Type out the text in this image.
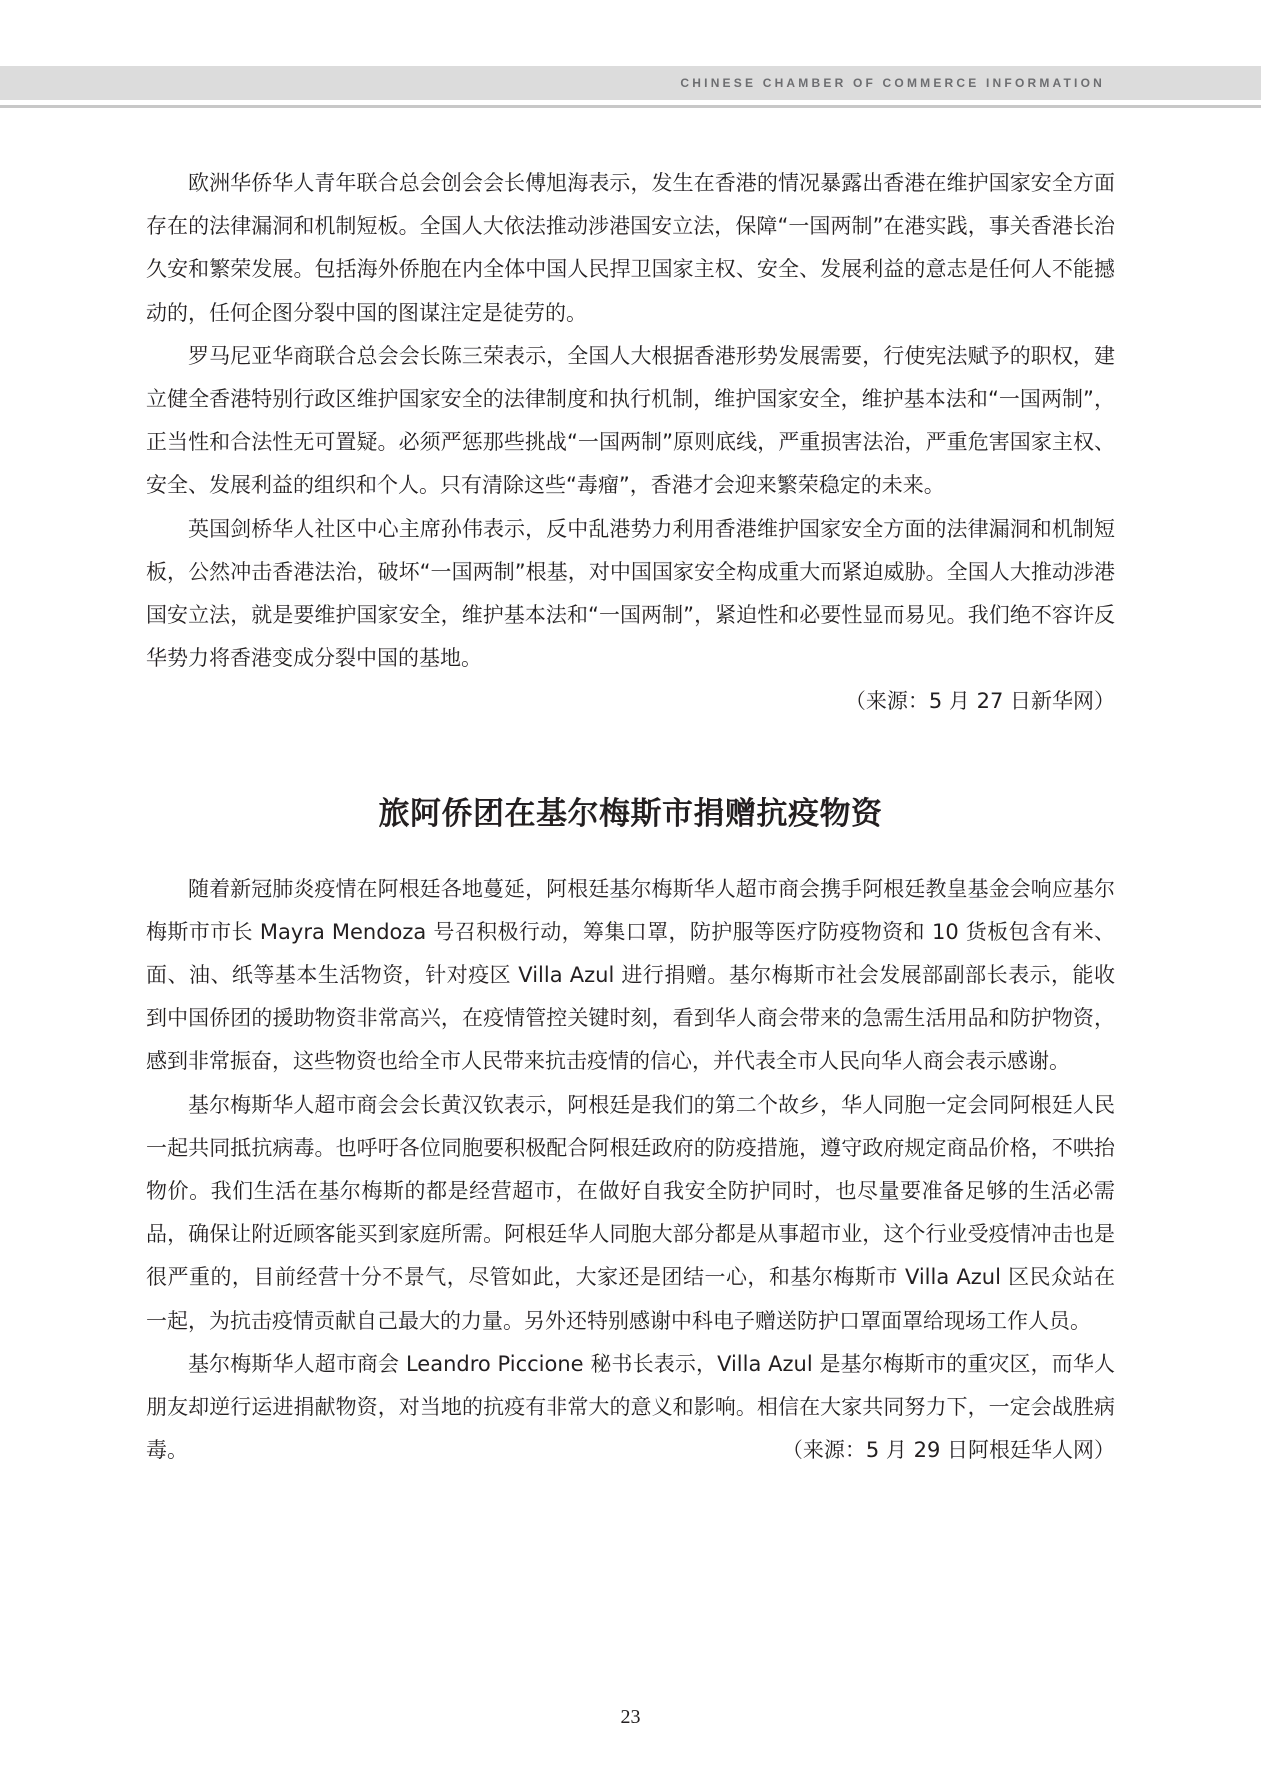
CHINESE CHAMBER OF COMMERCE INFORMATION

欧洲华侨华人青年联合总会创会会长傅旭海表示，发生在香港的情况暴露出香港在维护国家安全方面存在的法律漏洞和机制短板。全国人大依法推动涉港国安立法，保障“一国两制”在港实践，事关香港长治久安和繁荣发展。包括海外侨胞在内全体中国人民捍卫国家主权、安全、发展利益的意志是任何人不能撼动的，任何企图分裂中国的图谋注定是徒劳的。

罗马尼亚华商联合总会会长陈三荣表示，全国人大根据香港形势发展需要，行使宪法赋予的职权，建立健全香港特别行政区维护国家安全的法律制度和执行机制，维护国家安全，维护基本法和“一国两制”，正当性和合法性无可置疑。必须严惩那些挑战“一国两制”原则底线，严重损害法治，严重危害国家主权、安全、发展利益的组织和个人。只有清除这些“毒瘤”，香港才会迎来繁荣稳定的未来。

英国剑桥华人社区中心主席孙伟表示，反中乱港势力利用香港维护国家安全方面的法律漏洞和机制短板，公然冲击香港法治，破坏“一国两制”根基，对中国国家安全构成重大而紧迫威胁。全国人大推动涉港国安立法，就是要维护国家安全，维护基本法和“一国两制”，紧迫性和必要性显而易见。我们绝不容许反华势力将香港变成分裂中国的基地。

（来源：5 月 27 日新华网）

旅阿侨团在基尔梅斯市捐赠抗疫物资

随着新冠肺炎疫情在阿根廷各地蔓延，阿根廷基尔梅斯华人超市商会携手阿根廷教皇基金会响应基尔梅斯市市长 Mayra Mendoza 号召积极行动，筹集口罩，防护服等医疗防疫物资和 10 货板包含有米、面、油、纸等基本生活物资，针对疫区 Villa Azul 进行捐赠。基尔梅斯市社会发展部副部长表示，能收到中国侨团的援助物资非常高兴，在疫情管控关键时刻，看到华人商会带来的急需生活用品和防护物资，感到非常振奋，这些物资也给全市人民带来抗击疫情的信心，并代表全市人民向华人商会表示感谢。

基尔梅斯华人超市商会会长黄汉钦表示，阿根廷是我们的第二个故乡，华人同胞一定会同阿根廷人民一起共同抵抗病毒。也呼吁各位同胞要积极配合阿根廷政府的防疫措施，遵守政府规定商品价格，不哄抬物价。我们生活在基尔梅斯的都是经营超市，在做好自我安全防护同时，也尽量要准备足够的生活必需品，确保让附近顾客能买到家庭所需。阿根廷华人同胞大部分都是从事超市业，这个行业受疫情冲击也是很严重的，目前经营十分不景气，尽管如此，大家还是团结一心，和基尔梅斯市 Villa Azul 区民众站在一起，为抗击疫情贡献自己最大的力量。另外还特别感谢中科电子赠送防护口罩面罩给现场工作人员。

基尔梅斯华人超市商会 Leandro Piccione 秘书长表示，Villa Azul 是基尔梅斯市的重灾区，而华人朋友却逆行运进捐献物资，对当地的抗疫有非常大的意义和影响。相信在大家共同努力下，一定会战胜病毒。	（来源：5 月 29 日阿根廷华人网）
23
